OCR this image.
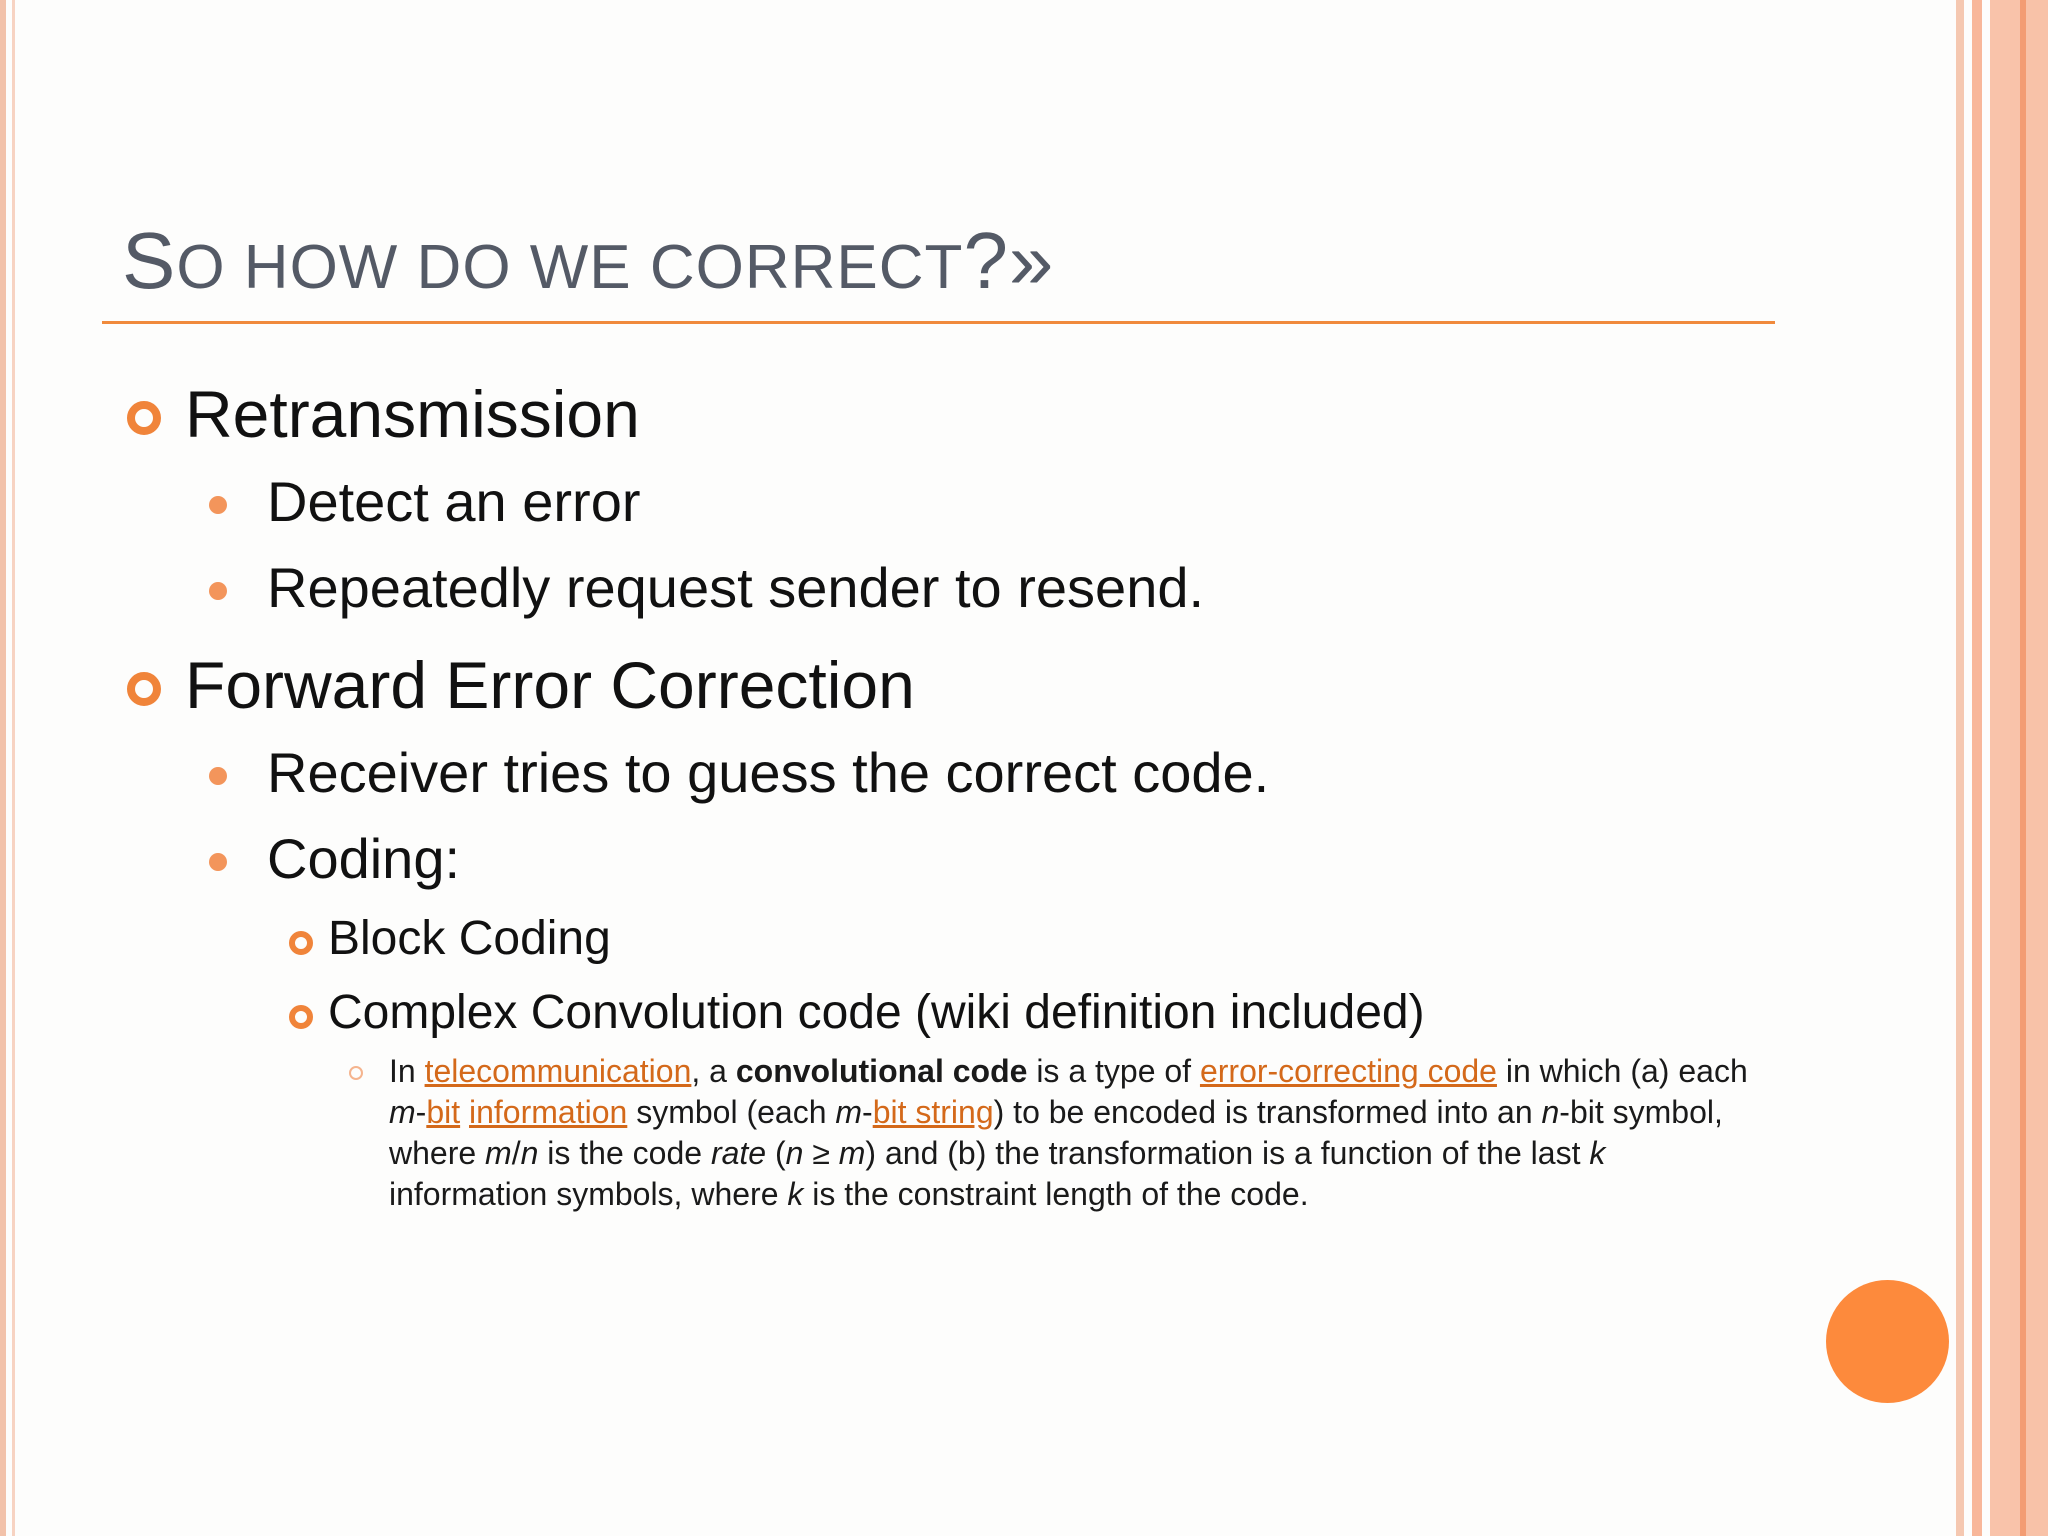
SO HOW DO WE CORRECT?»
Retransmission
Detect an error
Repeatedly request sender to resend.
Forward Error Correction
Receiver tries to guess the correct code.
Coding:
Block Coding
Complex Convolution code (wiki definition included)
In telecommunication, a convolutional code is a type of error-correcting code in which (a) each m-bit information symbol (each m-bit string) to be encoded is transformed into an n-bit symbol, where m/n is the code rate (n ≥ m) and (b) the transformation is a function of the last k information symbols, where k is the constraint length of the code.
